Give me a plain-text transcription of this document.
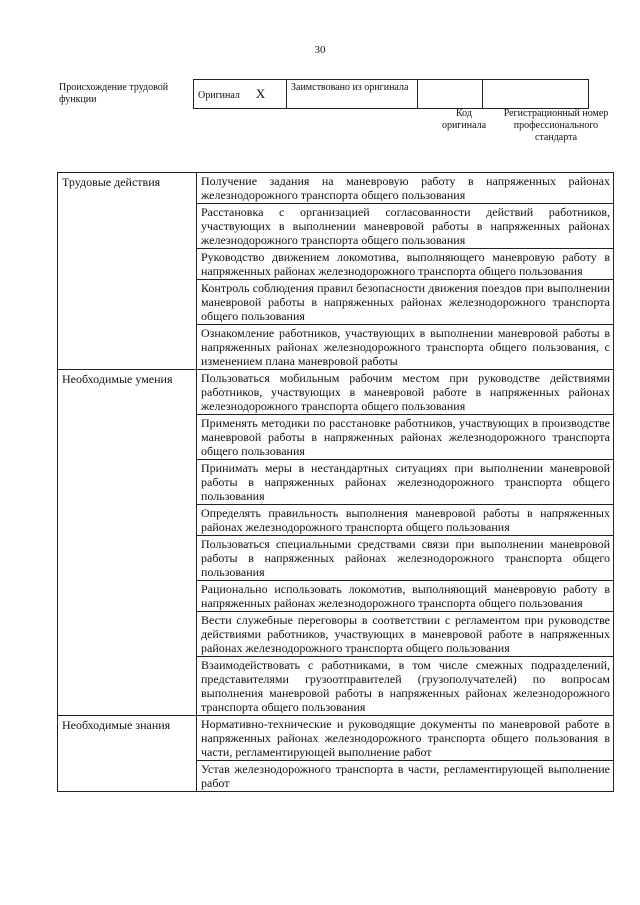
30
Происхождение трудовой функции	Оригинал X	Заимствовано из оригинала		
Код оригинала
Регистрационный номер профессионального стандарта
Трудовые действия	Получение задания на маневровую работу в напряженных районах железнодорожного транспорта общего пользования
	Расстановка с организацией согласованности действий работников, участвующих в выполнении маневровой работы в напряженных районах железнодорожного транспорта общего пользования
	Руководство движением локомотива, выполняющего маневровую работу в напряженных районах железнодорожного транспорта общего пользования
	Контроль соблюдения правил безопасности движения поездов при выполнении маневровой работы в напряженных районах железнодорожного транспорта общего пользования
	Ознакомление работников, участвующих в выполнении маневровой работы в напряженных районах железнодорожного транспорта общего пользования, с изменением плана маневровой работы
Необходимые умения	Пользоваться мобильным рабочим местом при руководстве действиями работников, участвующих в маневровой работе в напряженных районах железнодорожного транспорта общего пользования
	Применять методики по расстановке работников, участвующих в производстве маневровой работы в напряженных районах железнодорожного транспорта общего пользования
	Принимать меры в нестандартных ситуациях при выполнении маневровой работы в напряженных районах железнодорожного транспорта общего пользования
	Определять правильность выполнения маневровой работы в напряженных районах железнодорожного транспорта общего пользования
	Пользоваться специальными средствами связи при выполнении маневровой работы в напряженных районах железнодорожного транспорта общего пользования
	Рационально использовать локомотив, выполняющий маневровую работу в напряженных районах железнодорожного транспорта общего пользования
	Вести служебные переговоры в соответствии с регламентом при руководстве действиями работников, участвующих в маневровой работе в напряженных районах железнодорожного транспорта общего пользования
	Взаимодействовать с работниками, в том числе смежных подразделений, представителями грузоотправителей (грузополучателей) по вопросам выполнения маневровой работы в напряженных районах железнодорожного транспорта общего пользования
Необходимые знания	Нормативно-технические и руководящие документы по маневровой работе в напряженных районах железнодорожного транспорта общего пользования в части, регламентирующей выполнение работ
	Устав железнодорожного транспорта в части, регламентирующей выполнение работ
